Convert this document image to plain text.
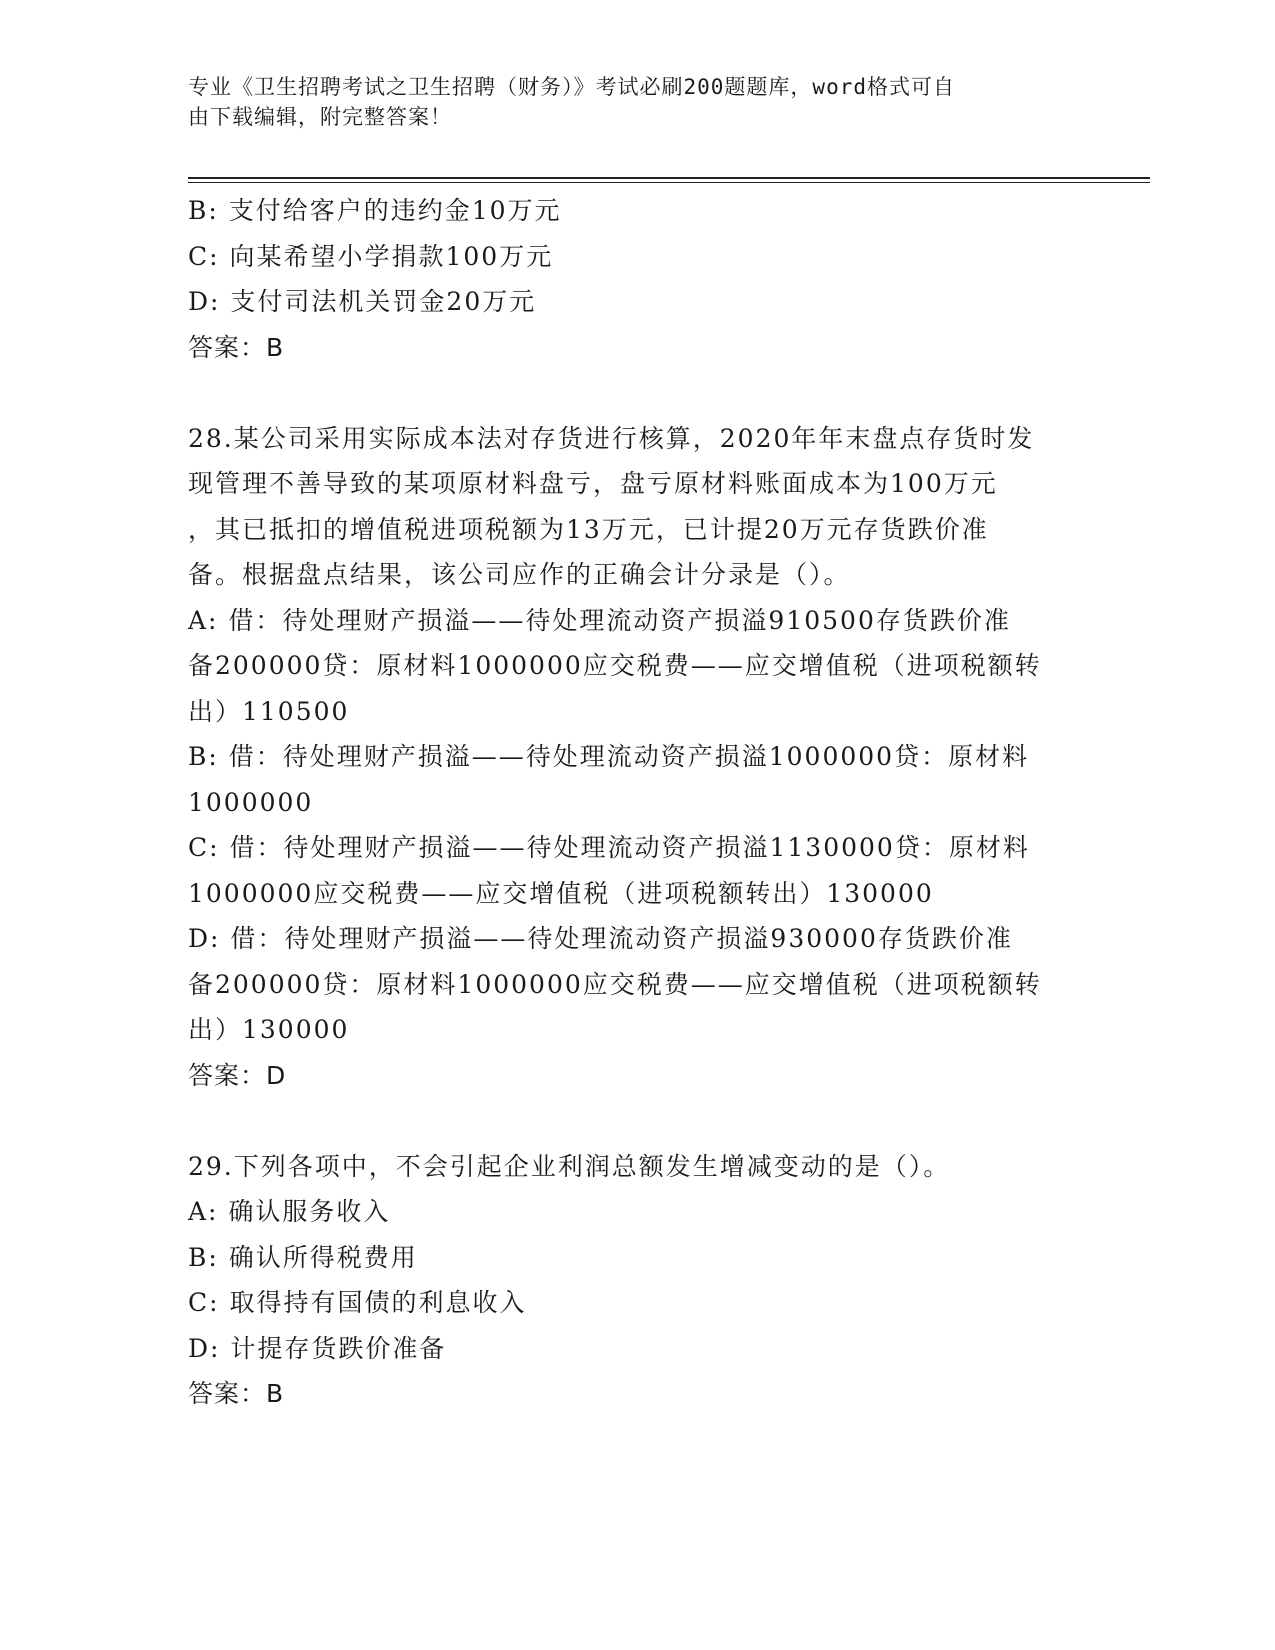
专业《卫生招聘考试之卫生招聘（财务）》考试必刷200题题库，word格式可自
由下载编辑，附完整答案！
B: 支付给客户的违约金10万元
C: 向某希望小学捐款100万元
D: 支付司法机关罚金20万元
答案：B
28.某公司采用实际成本法对存货进行核算，2020年年末盘点存货时发
现管理不善导致的某项原材料盘亏，盘亏原材料账面成本为100万元
，其已抵扣的增值税进项税额为13万元，已计提20万元存货跌价准
备。根据盘点结果，该公司应作的正确会计分录是（）。
A: 借：待处理财产损溢——待处理流动资产损溢910500存货跌价准
备200000贷：原材料1000000应交税费——应交增值税（进项税额转
出）110500
B: 借：待处理财产损溢——待处理流动资产损溢1000000贷：原材料
1000000
C: 借：待处理财产损溢——待处理流动资产损溢1130000贷：原材料
1000000应交税费——应交增值税（进项税额转出）130000
D: 借：待处理财产损溢——待处理流动资产损溢930000存货跌价准
备200000贷：原材料1000000应交税费——应交增值税（进项税额转
出）130000
答案：D
29.下列各项中，不会引起企业利润总额发生增减变动的是（）。
A: 确认服务收入
B: 确认所得税费用
C: 取得持有国债的利息收入
D: 计提存货跌价准备
答案：B
